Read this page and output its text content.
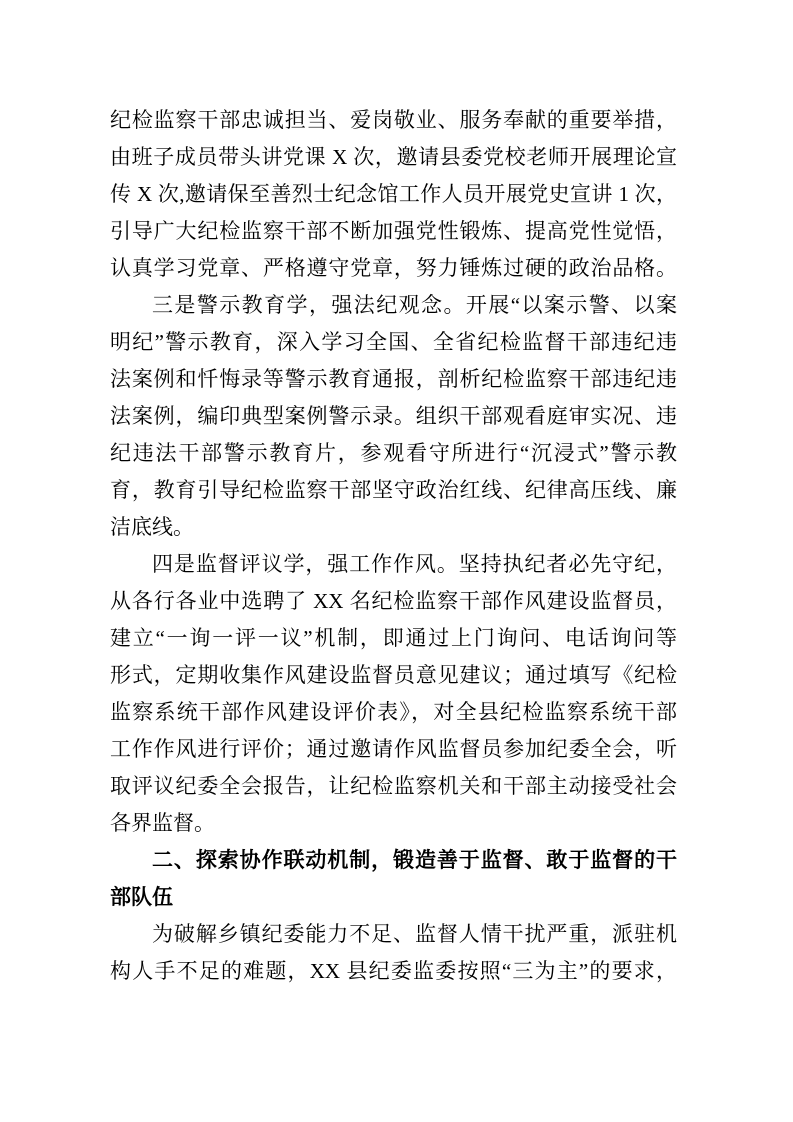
纪检监察干部忠诚担当、爱岗敬业、服务奉献的重要举措，
由班子成员带头讲党课 X 次，邀请县委党校老师开展理论宣
传 X 次,邀请保至善烈士纪念馆工作人员开展党史宣讲 1 次，
引导广大纪检监察干部不断加强党性锻炼、提高党性觉悟，
认真学习党章、严格遵守党章，努力锤炼过硬的政治品格。
三是警示教育学，强法纪观念。开展“以案示警、以案
明纪”警示教育，深入学习全国、全省纪检监督干部违纪违
法案例和忏悔录等警示教育通报，剖析纪检监察干部违纪违
法案例，编印典型案例警示录。组织干部观看庭审实况、违
纪违法干部警示教育片，参观看守所进行“沉浸式”警示教
育，教育引导纪检监察干部坚守政治红线、纪律高压线、廉
洁底线。
四是监督评议学，强工作作风。坚持执纪者必先守纪，
从各行各业中选聘了 XX 名纪检监察干部作风建设监督员，
建立“一询一评一议”机制，即通过上门询问、电话询问等
形式，定期收集作风建设监督员意见建议；通过填写《纪检
监察系统干部作风建设评价表》，对全县纪检监察系统干部
工作作风进行评价；通过邀请作风监督员参加纪委全会，听
取评议纪委全会报告，让纪检监察机关和干部主动接受社会
各界监督。
二、探索协作联动机制，锻造善于监督、敢于监督的干
部队伍
为破解乡镇纪委能力不足、监督人情干扰严重，派驻机
构人手不足的难题，XX 县纪委监委按照“三为主”的要求，
